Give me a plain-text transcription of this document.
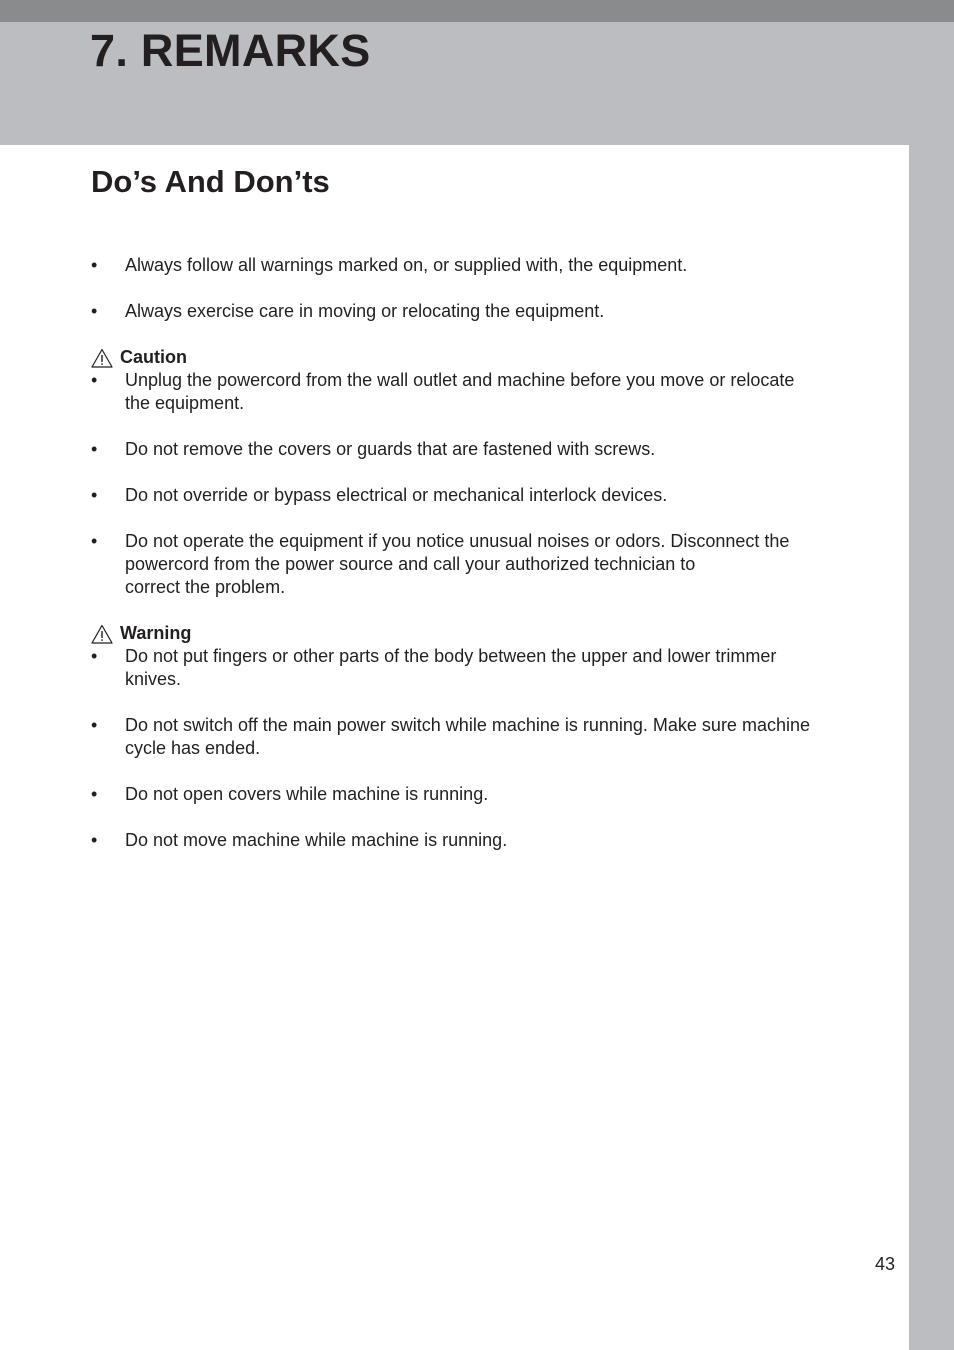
7. REMARKS
Do’s And Don’ts
•	Always follow all warnings marked on, or supplied with, the equipment.
•	Always exercise care in moving or relocating the equipment.
Caution
•	Unplug the powercord from the wall outlet and machine before you move or relocate
the equipment.
•	Do not remove the covers or guards that are fastened with screws.
•	Do not override or bypass electrical or mechanical interlock devices.
•	Do not operate the equipment if you notice unusual noises or odors. Disconnect the
powercord from the power source and call your authorized technician to
correct the problem.
Warning
•	Do not put fingers or other parts of the body between the upper and lower trimmer
knives.
•	Do not switch off the main power switch while machine is running. Make sure machine
cycle has ended.
•	Do not open covers while machine is running.
•	Do not move machine while machine is running.
43
